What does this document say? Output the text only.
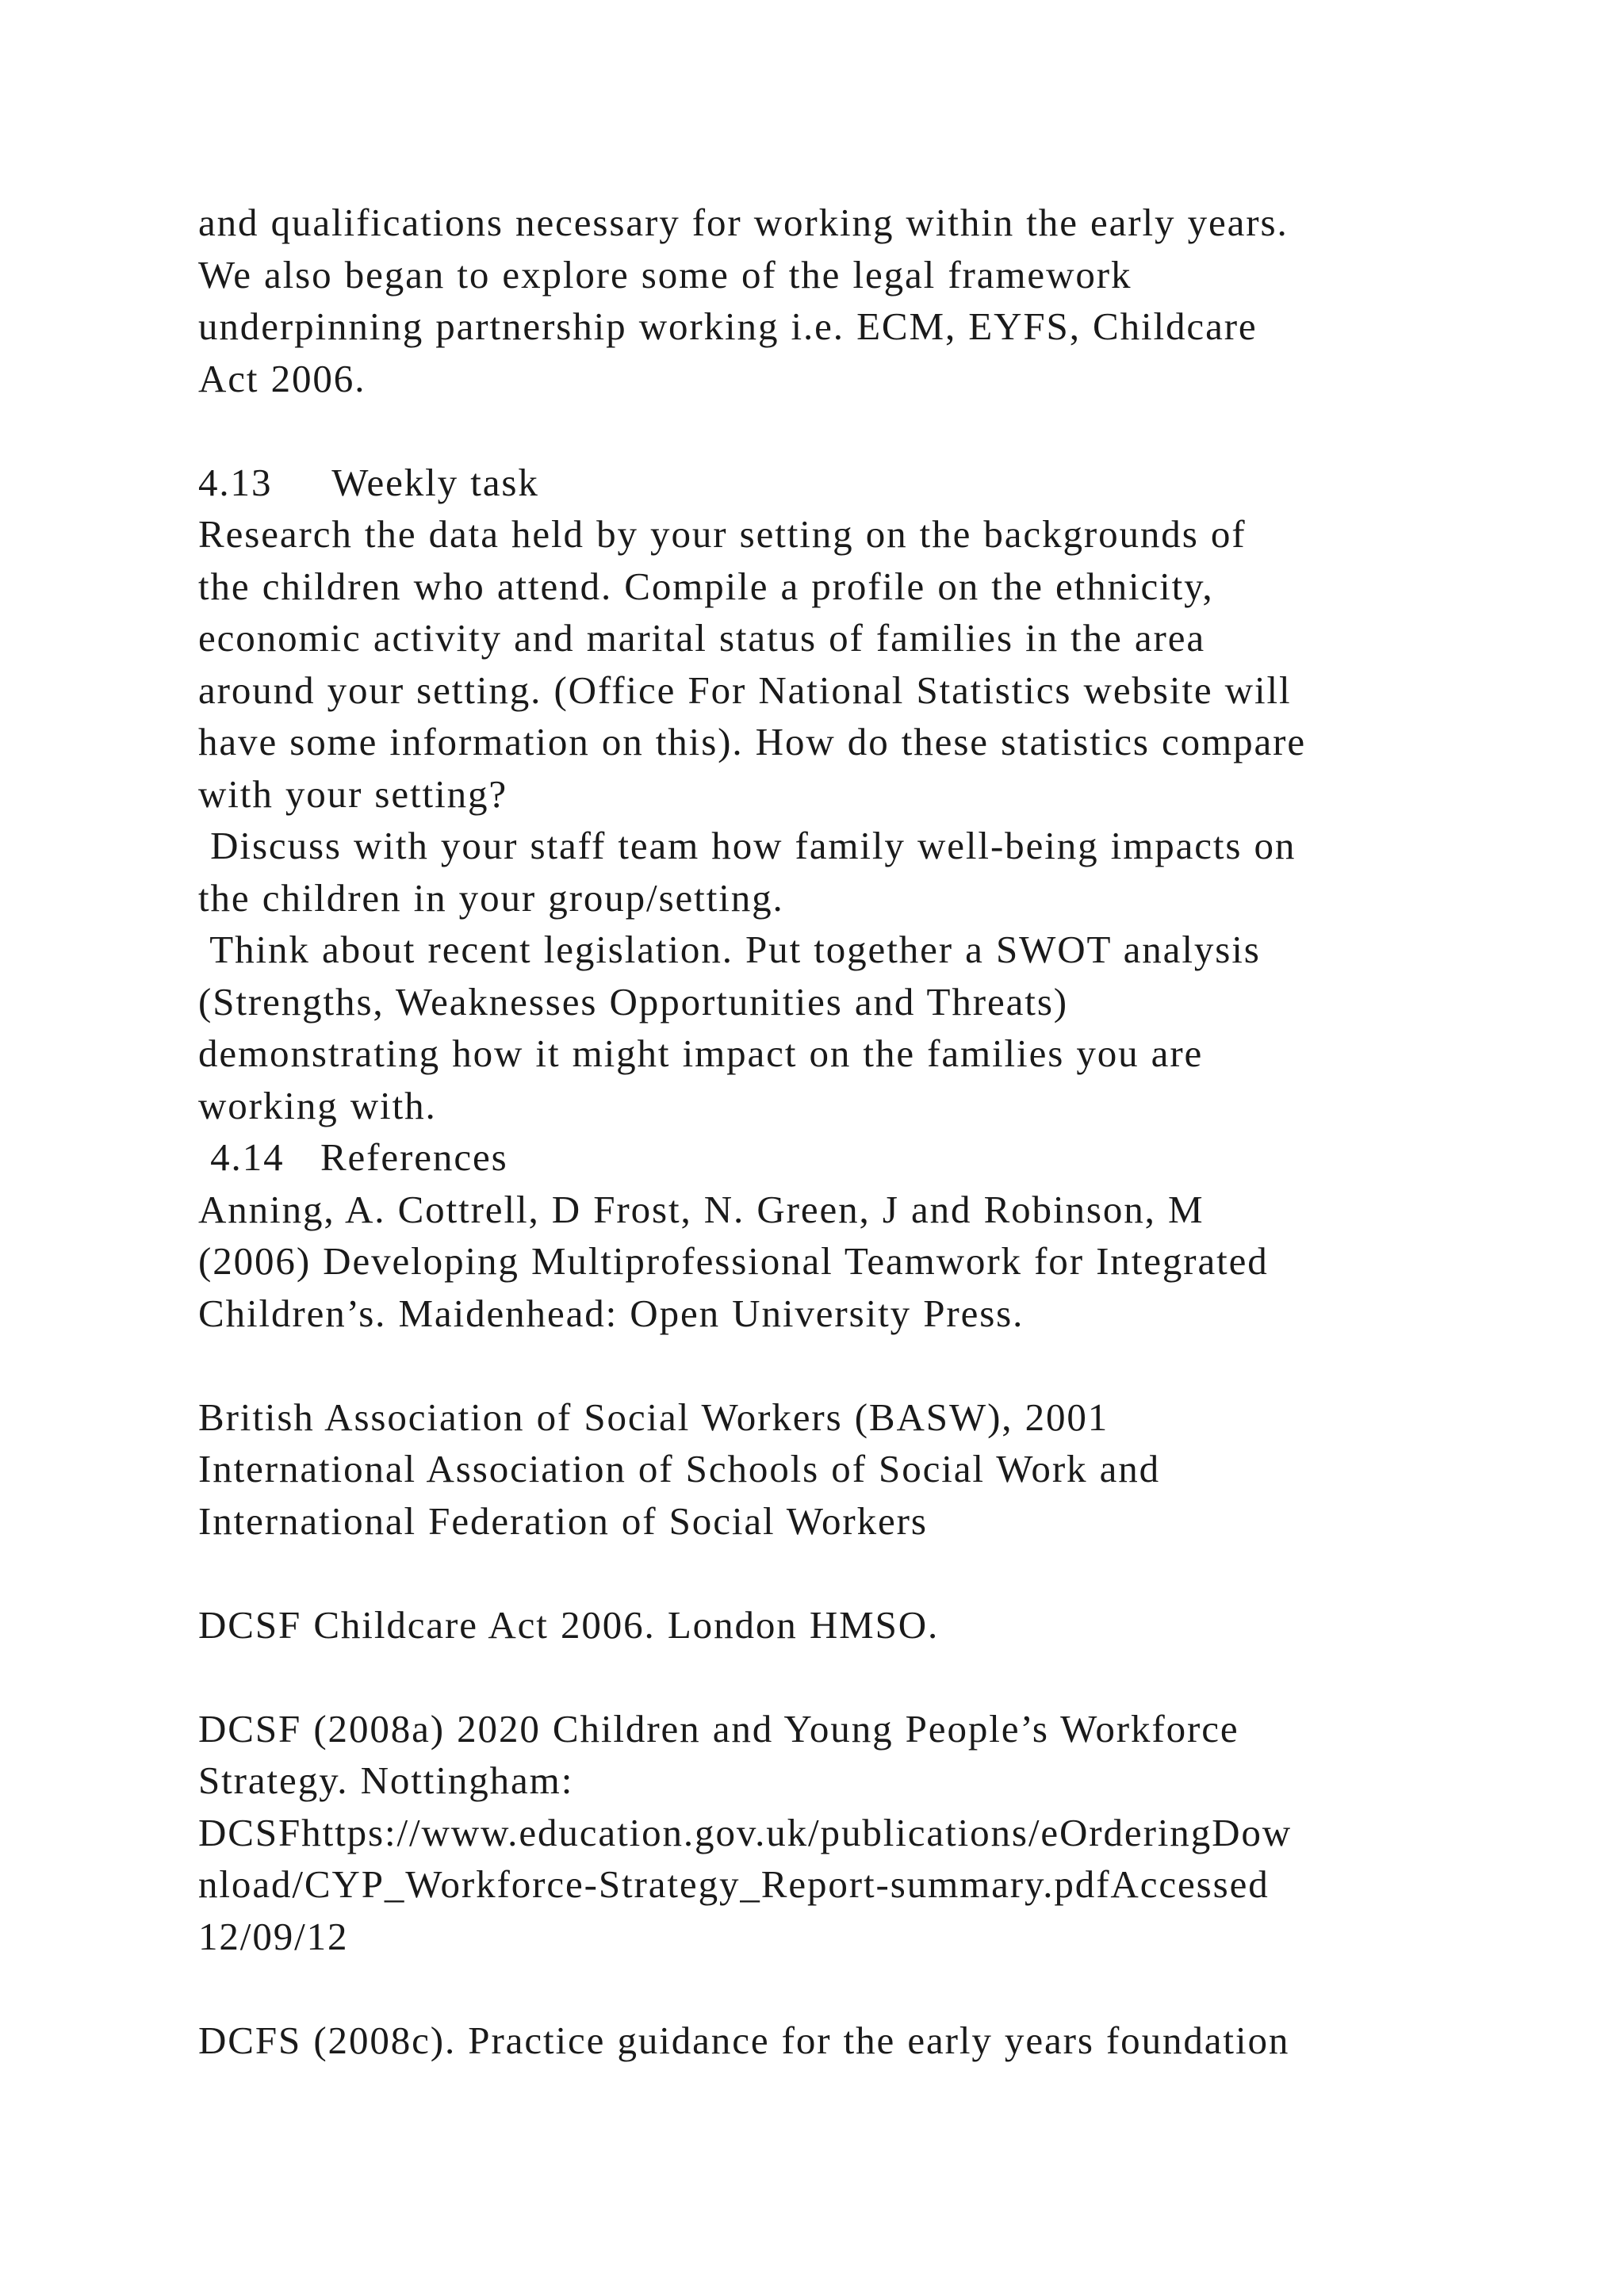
and qualifications necessary for working within the early years.
We also began to explore some of the legal framework
underpinning partnership working i.e. ECM, EYFS, Childcare
Act 2006.
4.13     Weekly task
Research the data held by your setting on the backgrounds of
the children who attend. Compile a profile on the ethnicity,
economic activity and marital status of families in the area
around your setting. (Office For National Statistics website will
have some information on this). How do these statistics compare
with your setting?
Discuss with your staff team how family well-being impacts on
the children in your group/setting.
Think about recent legislation. Put together a SWOT analysis
(Strengths, Weaknesses Opportunities and Threats)
demonstrating how it might impact on the families you are
working with.
4.14   References
Anning, A. Cottrell, D Frost, N. Green, J and Robinson, M
(2006) Developing Multiprofessional Teamwork for Integrated
Children’s. Maidenhead: Open University Press.
British Association of Social Workers (BASW), 2001
International Association of Schools of Social Work and
International Federation of Social Workers
DCSF Childcare Act 2006. London HMSO.
DCSF (2008a) 2020 Children and Young People’s Workforce
Strategy. Nottingham:
DCSFhttps://www.education.gov.uk/publications/eOrderingDow
nload/CYP_Workforce-Strategy_Report-summary.pdfAccessed
12/09/12
DCFS (2008c). Practice guidance for the early years foundation
